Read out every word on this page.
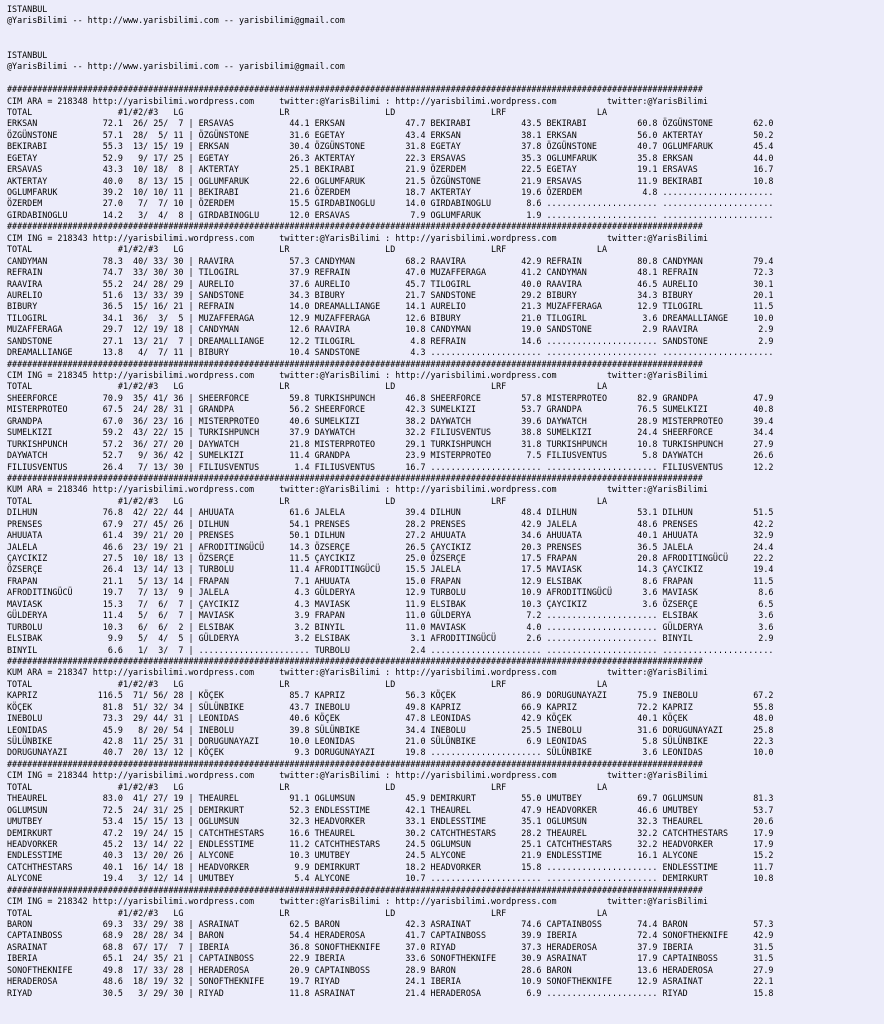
ISTANBUL
@YarisBilimi -- http://www.yarisbilimi.com -- yarisbilimi@gmail.com

ISTANBUL
@YarisBilimi -- http://www.yarisbilimi.com -- yarisbilimi@gmail.com

##########################################################################################################################################
CIM ARA = 218348 http://yarisbilimi.wordpress.com     twitter:@YarisBilimi : http://yarisbilimi.wordpress.com          twitter:@YarisBilimi
TOTAL                 #1/#2/#3   LG                   LR                   LD                   LRF                  LA
ERKSAN             72.1  26/ 25/  7 | ERSAVAS           44.1 ERKSAN            47.7 BEKIRABI          43.5 BEKIRABI          60.8 ÖZGÜNSTONE        62.0
ÖZGÜNSTONE         57.1  28/  5/ 11 | ÖZGÜNSTONE        31.6 EGETAY            43.4 ERKSAN            38.1 ERKSAN            56.0 AKTERTAY          50.2
BEKIRABI           55.3  13/ 15/ 19 | ERKSAN            30.4 ÖZGÜNSTONE        31.8 EGETAY            37.8 ÖZGÜNSTONE        40.7 OGLUMFARUK        45.4
EGETAY             52.9   9/ 17/ 25 | EGETAY            26.3 AKTERTAY          22.3 ERSAVAS           35.3 OGLUMFARUK        35.8 ERKSAN            44.0
ERSAVAS            43.3  10/ 18/  8 | AKTERTAY          25.1 BEKIRABI          21.9 ÖZERDEM           22.5 EGETAY            19.1 ERSAVAS           16.7
AKTERTAY           40.0   8/ 13/ 15 | OGLUMFARUK        22.6 OGLUMFARUK        21.5 ÖZGÜNSTONE        21.9 ERSAVAS           11.9 BEKIRABI          10.8
OGLUMFARUK         39.2  10/ 10/ 11 | BEKIRABI          21.6 ÖZERDEM           18.7 AKTERTAY          19.6 ÖZERDEM            4.8 ......................
ÖZERDEM            27.0   7/  7/ 10 | ÖZERDEM           15.5 GIRDABINOGLU      14.0 GIRDABINOGLU       8.6 ...................... ......................
GIRDABINOGLU       14.2   3/  4/  8 | GIRDABINOGLU      12.0 ERSAVAS            7.9 OGLUMFARUK         1.9 ...................... ......................
##########################################################################################################################################
CIM ING = 218343 http://yarisbilimi.wordpress.com     twitter:@YarisBilimi : http://yarisbilimi.wordpress.com          twitter:@YarisBilimi
TOTAL                 #1/#2/#3   LG                   LR                   LD                   LRF                  LA
CANDYMAN           78.3  40/ 33/ 30 | RAAVIRA           57.3 CANDYMAN          68.2 RAAVIRA           42.9 REFRAIN           80.8 CANDYMAN          79.4
REFRAIN            74.7  33/ 30/ 30 | TILOGIRL          37.9 REFRAIN           47.0 MUZAFFERAGA       41.2 CANDYMAN          48.1 REFRAIN           72.3
RAAVIRA            55.2  24/ 28/ 29 | AURELIO           37.6 AURELIO           45.7 TILOGIRL          40.0 RAAVIRA           46.5 AURELIO           30.1
AURELIO            51.6  13/ 33/ 39 | SANDSTONE         34.3 BIBURY            21.7 SANDSTONE         29.2 BIBURY            34.3 BIBURY            20.1
BIBURY             36.5  15/ 16/ 21 | REFRAIN           14.0 DREAMALLIANGE     14.1 AURELIO           21.3 MUZAFFERAGA       12.9 TILOGIRL          11.5
TILOGIRL           34.1  36/  3/  5 | MUZAFFERAGA       12.9 MUZAFFERAGA       12.6 BIBURY            21.0 TILOGIRL           3.6 DREAMALLIANGE     10.0
MUZAFFERAGA        29.7  12/ 19/ 18 | CANDYMAN          12.6 RAAVIRA           10.8 CANDYMAN          19.0 SANDSTONE          2.9 RAAVIRA            2.9
SANDSTONE          27.1  13/ 21/  7 | DREAMALLIANGE     12.2 TILOGIRL           4.8 REFRAIN           14.6 ...................... SANDSTONE          2.9
DREAMALLIANGE      13.8   4/  7/ 11 | BIBURY            10.4 SANDSTONE          4.3 ...................... ...................... ......................
##########################################################################################################################################
CIM ING = 218345 http://yarisbilimi.wordpress.com     twitter:@YarisBilimi : http://yarisbilimi.wordpress.com          twitter:@YarisBilimi
TOTAL                 #1/#2/#3   LG                   LR                   LD                   LRF                  LA
SHEERFORCE         70.9  35/ 41/ 36 | SHEERFORCE        59.8 TURKISHPUNCH      46.8 SHEERFORCE        57.8 MISTERPROTEO      82.9 GRANDPA           47.9
MISTERPROTEO       67.5  24/ 28/ 31 | GRANDPA           56.2 SHEERFORCE        42.3 SUMELKIZI         53.7 GRANDPA           76.5 SUMELKIZI         40.8
GRANDPA            67.0  36/ 23/ 16 | MISTERPROTEO      40.6 SUMELKIZI         38.2 DAYWATCH          39.6 DAYWATCH          28.9 MISTERPROTEO      39.4
SUMELKIZI          59.2  43/ 22/ 15 | TURKISHPUNCH      37.9 DAYWATCH          32.2 FILIUSVENTUS      38.8 SUMELKIZI         24.4 SHEERFORCE        34.4
TURKISHPUNCH       57.2  36/ 27/ 20 | DAYWATCH          21.8 MISTERPROTEO      29.1 TURKISHPUNCH      31.8 TURKISHPUNCH      10.8 TURKISHPUNCH      27.9
DAYWATCH           52.7   9/ 36/ 42 | SUMELKIZI         11.4 GRANDPA           23.9 MISTERPROTEO       7.5 FILIUSVENTUS       5.8 DAYWATCH          26.6
FILIUSVENTUS       26.4   7/ 13/ 30 | FILIUSVENTUS       1.4 FILIUSVENTUS      16.7 ...................... ...................... FILIUSVENTUS      12.2
##########################################################################################################################################
KUM ARA = 218346 http://yarisbilimi.wordpress.com     twitter:@YarisBilimi : http://yarisbilimi.wordpress.com          twitter:@YarisBilimi
TOTAL                 #1/#2/#3   LG                   LR                   LD                   LRF                  LA
DILHUN             76.8  42/ 22/ 44 | AHUUATA           61.6 JALELA            39.4 DILHUN            48.4 DILHUN            53.1 DILHUN            51.5
PRENSES            67.9  27/ 45/ 26 | DILHUN            54.1 PRENSES           28.2 PRENSES           42.9 JALELA            48.6 PRENSES           42.2
AHUUATA            61.4  39/ 21/ 20 | PRENSES           50.1 DILHUN            27.2 AHUUATA           34.6 AHUUATA           40.1 AHUUATA           32.9
JALELA             46.6  23/ 19/ 21 | AFRODITINGÜCÜ     14.3 ÖZSERÇE           26.5 ÇAYCIKIZ          20.3 PRENSES           36.5 JALELA            24.4
ÇAYCIKIZ           27.5  10/ 18/ 13 | ÖZSERÇE           11.5 ÇAYCIKIZ          25.0 ÖZSERÇE           17.5 FRAPAN            20.8 AFRODITINGÜCÜ     22.2
ÖZSERÇE            26.4  13/ 14/ 13 | TURBOLU           11.4 AFRODITINGÜCÜ     15.5 JALELA            17.5 MAVIASK           14.3 ÇAYCIKIZ          19.4
FRAPAN             21.1   5/ 13/ 14 | FRAPAN             7.1 AHUUATA           15.0 FRAPAN            12.9 ELSIBAK            8.6 FRAPAN            11.5
AFRODITINGÜCÜ      19.7   7/ 13/  9 | JALELA             4.3 GÜLDERYA          12.9 TURBOLU           10.9 AFRODITINGÜCÜ      3.6 MAVIASK            8.6
MAVIASK            15.3   7/  6/  7 | ÇAYCIKIZ           4.3 MAVIASK           11.9 ELSIBAK           10.3 ÇAYCIKIZ           3.6 ÖZSERÇE            6.5
GÜLDERYA           11.4   5/  6/  7 | MAVIASK            3.9 FRAPAN            11.0 GÜLDERYA           7.2 ...................... ELSIBAK            3.6
TURBOLU            10.3   6/  6/  2 | ELSIBAK            3.2 BINYIL            11.0 MAVIASK            4.0 ...................... GÜLDERYA           3.6
ELSIBAK             9.9   5/  4/  5 | GÜLDERYA           3.2 ELSIBAK            3.1 AFRODITINGÜCÜ      2.6 ...................... BINYIL             2.9
BINYIL              6.6   1/  3/  7 | ...................... TURBOLU            2.4 ...................... ...................... ......................
##########################################################################################################################################
KUM ARA = 218347 http://yarisbilimi.wordpress.com     twitter:@YarisBilimi : http://yarisbilimi.wordpress.com          twitter:@YarisBilimi
TOTAL                 #1/#2/#3   LG                   LR                   LD                   LRF                  LA
KAPRIZ            116.5  71/ 56/ 28 | KÖÇEK             85.7 KAPRIZ            56.3 KÖÇEK             86.9 DORUGUNAYAZI      75.9 INEBOLU           67.2
KÖÇEK              81.8  51/ 32/ 34 | SÜLÜNBIKE         43.7 INEBOLU           49.8 KAPRIZ            66.9 KAPRIZ            72.2 KAPRIZ            55.8
INEBOLU            73.3  29/ 44/ 31 | LEONIDAS          40.6 KÖÇEK             47.8 LEONIDAS          42.9 KÖÇEK             40.1 KÖÇEK             48.0
LEONIDAS           45.9   8/ 20/ 54 | INEBOLU           39.8 SÜLÜNBIKE         34.4 INEBOLU           25.5 INEBOLU           31.6 DORUGUNAYAZI      25.8
SÜLÜNBIKE          42.8  11/ 25/ 31 | DORUGUNAYAZI      10.0 LEONIDAS          21.0 SÜLÜNBIKE          6.9 LEONIDAS           5.8 SÜLÜNBIKE         22.3
DORUGUNAYAZI       40.7  20/ 13/ 12 | KÖÇEK              9.3 DORUGUNAYAZI      19.8 ...................... SÜLÜNBIKE          3.6 LEONIDAS          10.0
##########################################################################################################################################
CIM ING = 218344 http://yarisbilimi.wordpress.com     twitter:@YarisBilimi : http://yarisbilimi.wordpress.com          twitter:@YarisBilimi
TOTAL                 #1/#2/#3   LG                   LR                   LD                   LRF                  LA
THEAUREL           83.0  41/ 27/ 19 | THEAUREL          91.1 OGLUMSUN          45.9 DEMIRKURT         55.0 UMUTBEY           69.7 OGLUMSUN          81.3
OGLUMSUN           72.5  24/ 31/ 25 | DEMIRKURT         52.3 ENDLESSTIME       42.1 THEAUREL          47.9 HEADVORKER        46.6 UMUTBEY           53.7
UMUTBEY            53.4  15/ 15/ 13 | OGLUMSUN          32.3 HEADVORKER        33.1 ENDLESSTIME       35.1 OGLUMSUN          32.3 THEAUREL          20.6
DEMIRKURT          47.2  19/ 24/ 15 | CATCHTHESTARS     16.6 THEAUREL          30.2 CATCHTHESTARS     28.2 THEAUREL          32.2 CATCHTHESTARS     17.9
HEADVORKER         45.2  13/ 14/ 22 | ENDLESSTIME       11.2 CATCHTHESTARS     24.5 OGLUMSUN          25.1 CATCHTHESTARS     32.2 HEADVORKER        17.9
ENDLESSTIME        40.3  13/ 20/ 26 | ALYCONE           10.3 UMUTBEY           24.5 ALYCONE           21.9 ENDLESSTIME       16.1 ALYCONE           15.2
CATCHTHESTARS      40.1  16/ 14/ 18 | HEADVORKER         9.9 DEMIRKURT         18.2 HEADVORKER        15.8 ...................... ENDLESSTIME       11.7
ALYCONE            19.4   3/ 12/ 14 | UMUTBEY            5.4 ALYCONE           10.7 ...................... ...................... DEMIRKURT         10.8
##########################################################################################################################################
CIM ING = 218342 http://yarisbilimi.wordpress.com     twitter:@YarisBilimi : http://yarisbilimi.wordpress.com          twitter:@YarisBilimi
TOTAL                 #1/#2/#3   LG                   LR                   LD                   LRF                  LA
BARON              69.3  33/ 29/ 38 | ASRAINAT          62.5 BARON             42.3 ASRAINAT          74.6 CAPTAINBOSS       74.4 BARON             57.3
CAPTAINBOSS        68.9  28/ 28/ 34 | BARON             54.4 HERADEROSA        41.7 CAPTAINBOSS       39.9 IBERIA            72.4 SONOFTHEKNIFE     42.9
ASRAINAT           68.8  67/ 17/  7 | IBERIA            36.8 SONOFTHEKNIFE     37.0 RIYAD             37.3 HERADEROSA        37.9 IBERIA            31.5
IBERIA             65.1  24/ 35/ 21 | CAPTAINBOSS       22.9 IBERIA            33.6 SONOFTHEKNIFE     30.9 ASRAINAT          17.9 CAPTAINBOSS       31.5
SONOFTHEKNIFE      49.8  17/ 33/ 28 | HERADEROSA        20.9 CAPTAINBOSS       28.9 BARON             28.6 BARON             13.6 HERADEROSA        27.9
HERADEROSA         48.6  18/ 19/ 32 | SONOFTHEKNIFE     19.7 RIYAD             24.1 IBERIA            10.9 SONOFTHEKNIFE     12.9 ASRAINAT          22.1
RIYAD              30.5   3/ 29/ 30 | RIYAD             11.8 ASRAINAT          21.4 HERADEROSA         6.9 ...................... RIYAD             15.8
